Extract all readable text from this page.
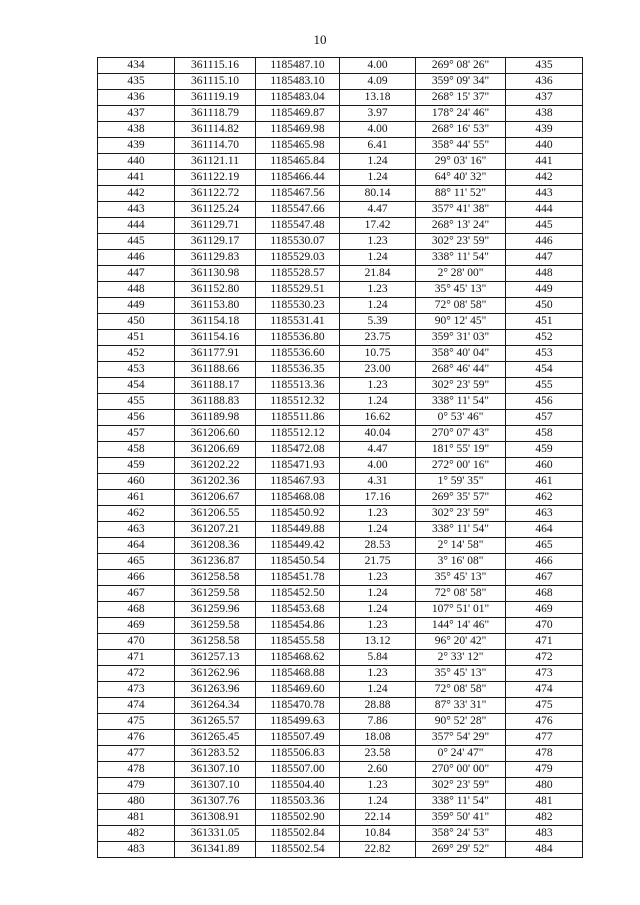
10
434	361115.16	1185487.10	4.00	269° 08' 26"	435
435	361115.10	1185483.10	4.09	359° 09' 34"	436
436	361119.19	1185483.04	13.18	268° 15' 37"	437
437	361118.79	1185469.87	3.97	178° 24' 46"	438
438	361114.82	1185469.98	4.00	268° 16' 53"	439
439	361114.70	1185465.98	6.41	358° 44' 55"	440
440	361121.11	1185465.84	1.24	29° 03' 16"	441
441	361122.19	1185466.44	1.24	64° 40' 32"	442
442	361122.72	1185467.56	80.14	88° 11' 52"	443
443	361125.24	1185547.66	4.47	357° 41' 38"	444
444	361129.71	1185547.48	17.42	268° 13' 24"	445
445	361129.17	1185530.07	1.23	302° 23' 59"	446
446	361129.83	1185529.03	1.24	338° 11' 54"	447
447	361130.98	1185528.57	21.84	2° 28' 00"	448
448	361152.80	1185529.51	1.23	35° 45' 13"	449
449	361153.80	1185530.23	1.24	72° 08' 58"	450
450	361154.18	1185531.41	5.39	90° 12' 45"	451
451	361154.16	1185536.80	23.75	359° 31' 03"	452
452	361177.91	1185536.60	10.75	358° 40' 04"	453
453	361188.66	1185536.35	23.00	268° 46' 44"	454
454	361188.17	1185513.36	1.23	302° 23' 59"	455
455	361188.83	1185512.32	1.24	338° 11' 54"	456
456	361189.98	1185511.86	16.62	0° 53' 46"	457
457	361206.60	1185512.12	40.04	270° 07' 43"	458
458	361206.69	1185472.08	4.47	181° 55' 19"	459
459	361202.22	1185471.93	4.00	272° 00' 16"	460
460	361202.36	1185467.93	4.31	1° 59' 35"	461
461	361206.67	1185468.08	17.16	269° 35' 57"	462
462	361206.55	1185450.92	1.23	302° 23' 59"	463
463	361207.21	1185449.88	1.24	338° 11' 54"	464
464	361208.36	1185449.42	28.53	2° 14' 58"	465
465	361236.87	1185450.54	21.75	3° 16' 08"	466
466	361258.58	1185451.78	1.23	35° 45' 13"	467
467	361259.58	1185452.50	1.24	72° 08' 58"	468
468	361259.96	1185453.68	1.24	107° 51' 01"	469
469	361259.58	1185454.86	1.23	144° 14' 46"	470
470	361258.58	1185455.58	13.12	96° 20' 42"	471
471	361257.13	1185468.62	5.84	2° 33' 12"	472
472	361262.96	1185468.88	1.23	35° 45' 13"	473
473	361263.96	1185469.60	1.24	72° 08' 58"	474
474	361264.34	1185470.78	28.88	87° 33' 31"	475
475	361265.57	1185499.63	7.86	90° 52' 28"	476
476	361265.45	1185507.49	18.08	357° 54' 29"	477
477	361283.52	1185506.83	23.58	0° 24' 47"	478
478	361307.10	1185507.00	2.60	270° 00' 00"	479
479	361307.10	1185504.40	1.23	302° 23' 59"	480
480	361307.76	1185503.36	1.24	338° 11' 54"	481
481	361308.91	1185502.90	22.14	359° 50' 41"	482
482	361331.05	1185502.84	10.84	358° 24' 53"	483
483	361341.89	1185502.54	22.82	269° 29' 52"	484
